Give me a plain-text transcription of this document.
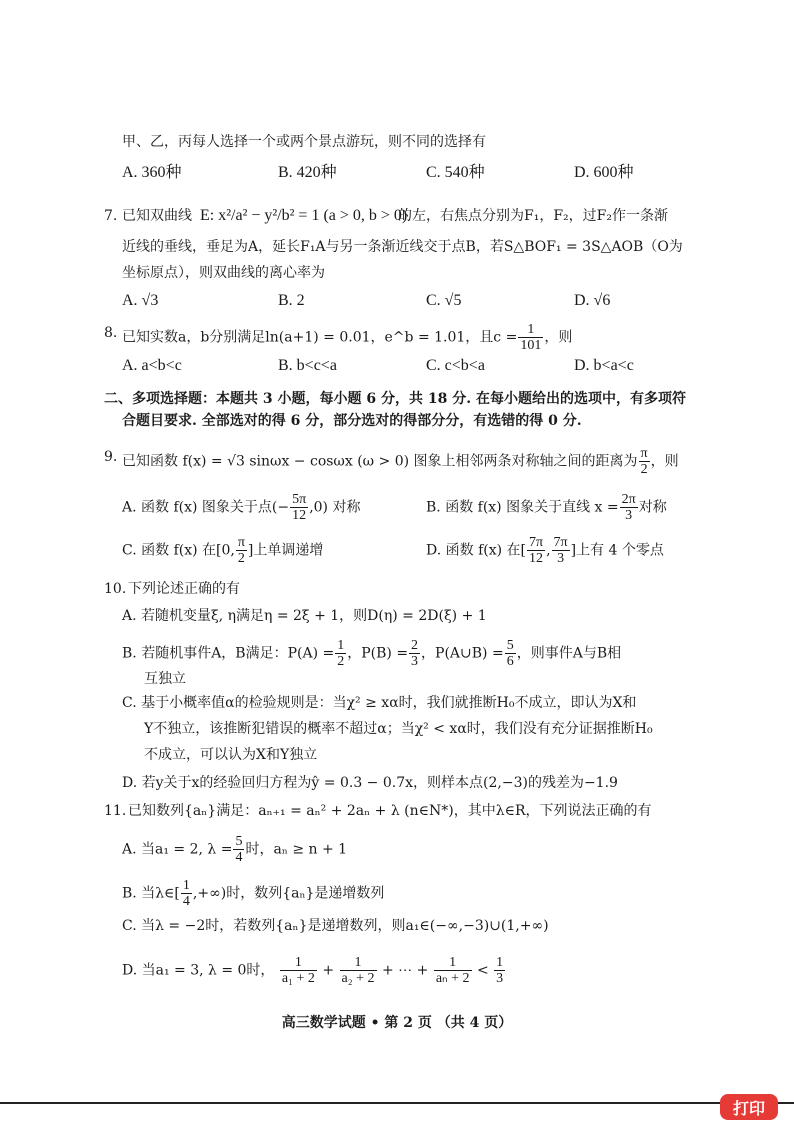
甲、乙，丙每人选择一个或两个景点游玩，则不同的选择有
A. 360种	B. 420种	C. 540种	D. 600种
7. 已知双曲线 E: x²/a² − y²/b² = 1 (a > 0, b > 0)
的左，右焦点分别为F₁，F₂，过F₂作一条渐
近线的垂线，垂足为A，延长F₁A与另一条渐近线交于点B，若S△BOF₁ = 3S△AOB（O为
坐标原点），则双曲线的离心率为
A. √3	B. 2	C. √5	D. √6
8. 已知实数a，b分别满足ln(a+1) = 0.01，e^b = 1.01，且$c = \frac{1}{101}$ ，则
A. a<b<c	B. b<c<a	C. c<b<a	D. b<a<c
二、多项选择题：本题共 3 小题，每小题 6 分，共 18 分. 在每小题给出的选项中，有多项符
合题目要求. 全部选对的得 6 分，部分选对的得部分分，有选错的得 0 分.
9. 已知函数 f(x) = √3 sinωx − cosωx (ω > 0) 图象上相邻两条对称轴之间的距离为 $\frac{\pi}{2}$ ，则
A. 函数 f(x) 图象关于点(− $\frac{5\pi}{12} ,0$) 对称	B. 函数 f(x) 图象关于直线 $x = \frac{2\pi}{3}$ 对称
C. 函数 f(x) 在[0, $\frac{\pi}{2}$ ]上单调递增	D. 函数 f(x) 在[ $\frac{7\pi}{12}$ , $\frac{7\pi}{3}$ ]上有 4 个零点
10. 下列论述正确的有
A. 若随机变量ξ, η满足η = 2ξ + 1，则D(η) = 2D(ξ) + 1
B. 若随机事件A，B满足：$P(A) = \frac{1}{2}$ ，$P(B) = \frac{2}{3}$ ，P(A∪B) = $\frac{5}{6}$ ，则事件A与B相
互独立
C. 基于小概率值α的检验规则是：当χ² ≥ xα时，我们就推断H₀不成立，即认为X和
Y不独立，该推断犯错误的概率不超过α；当χ² < xα时，我们没有充分证据推断H₀
不成立，可以认为X和Y独立
D. 若y关于x的经验回归方程为ŷ = 0.3 − 0.7x，则样本点(2,−3)的残差为−1.9
11. 已知数列{aₙ}满足：aₙ₊₁ = aₙ² + 2aₙ + λ (n∈N*)，其中λ∈R，下列说法正确的有
A. 当a₁ = 2, $\lambda = \frac{5}{4}$ 时，aₙ ≥ n + 1
B. 当λ∈[ $\frac{1}{4}$ ,+∞)时，数列{aₙ}是递增数列
C. 当λ = −2时，若数列{aₙ}是递增数列，则a₁∈(−∞,−3)∪(1,+∞)
D. 当a₁ = 3, λ = 0时， $\frac{1}{\text{a₁ + 2}} + \frac{1}{\text{a₂ + 2}}$ + ⋯ + $\frac{1}{\text{aₙ + 2}} < \frac{1}{3}$
高三数学试题 • 第 2 页 （共 4 页）
打印
